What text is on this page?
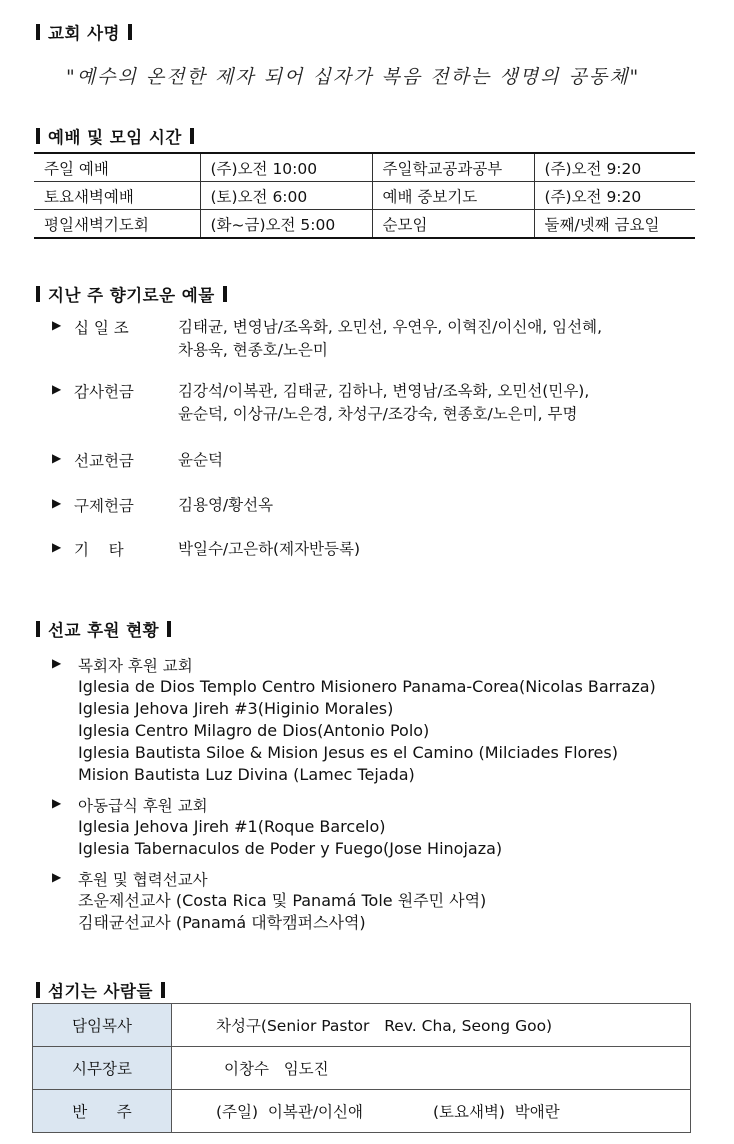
교회 사명
"예수의 온전한 제자 되어 십자가 복음 전하는 생명의 공동체"
예배 및 모임 시간
주일 예배	(주)오전 10:00	주일학교공과공부	(주)오전 9:20
토요새벽예배	(토)오전 6:00	예배 중보기도	(주)오전 9:20
평일새벽기도회	(화~금)오전 5:00	순모임	둘째/넷째 금요일
지난 주 향기로운 예물
▶ 십 일 조	김태균, 변영남/조옥화, 오민선, 우연우, 이혁진/이신애, 임선혜,
차용욱, 현종호/노은미
▶ 감사헌금	김강석/이복관, 김태균, 김하나, 변영남/조옥화, 오민선(민우),
윤순덕, 이상규/노은경, 차성구/조강숙, 현종호/노은미, 무명
▶ 선교헌금	윤순덕
▶ 구제헌금	김용영/황선옥
▶ 기    타	박일수/고은하(제자반등록)
선교 후원 현황
▶	목회자 후원 교회
Iglesia de Dios Templo Centro Misionero Panama-Corea(Nicolas Barraza)
Iglesia Jehova Jireh #3(Higinio Morales)
Iglesia Centro Milagro de Dios(Antonio Polo)
Iglesia Bautista Siloe & Mision Jesus es el Camino (Milciades Flores)
Mision Bautista Luz Divina (Lamec Tejada)
▶	아동급식 후원 교회
Iglesia Jehova Jireh #1(Roque Barcelo)
Iglesia Tabernaculos de Poder y Fuego(Jose Hinojaza)
▶	후원 및 협력선교사
조운제선교사 (Costa Rica 및 Panamá Tole 원주민 사역)
김태균선교사 (Panamá 대학캠퍼스사역)
섬기는 사람들
담임목사	차성구(Senior Pastor   Rev. Cha, Seong Goo)
시무장로	이창수   임도진
반      주	(주일)  이복관/이신애 (토요새벽)  박애란
